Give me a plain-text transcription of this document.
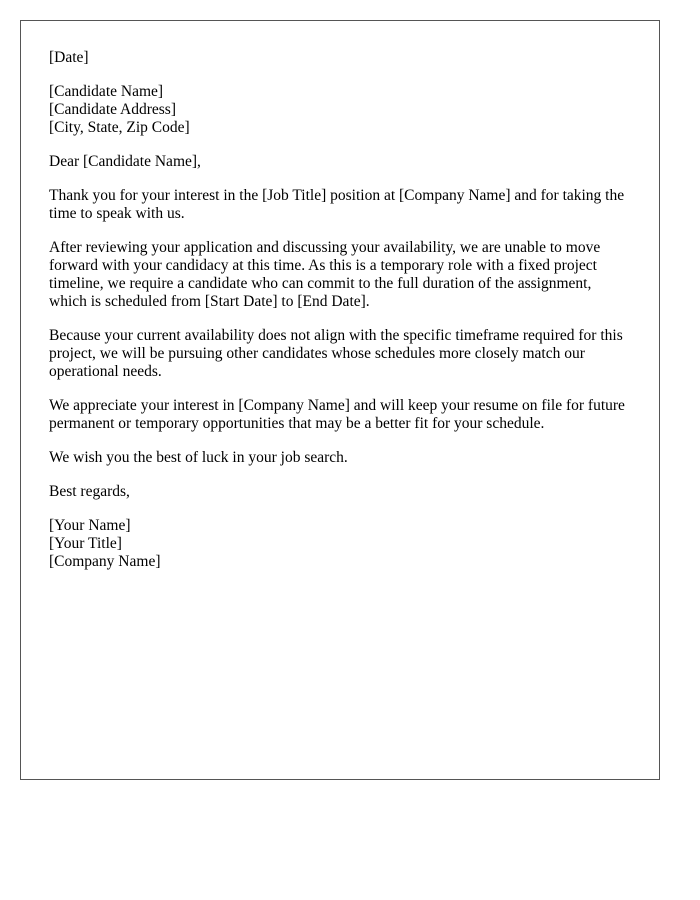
[Date]
[Candidate Name]
[Candidate Address]
[City, State, Zip Code]
Dear [Candidate Name],

Thank you for your interest in the [Job Title] position at [Company Name] and for taking the time to speak with us.

After reviewing your application and discussing your availability, we are unable to move forward with your candidacy at this time. As this is a temporary role with a fixed project timeline, we require a candidate who can commit to the full duration of the assignment, which is scheduled from [Start Date] to [End Date].

Because your current availability does not align with the specific timeframe required for this project, we will be pursuing other candidates whose schedules more closely match our operational needs.

We appreciate your interest in [Company Name] and will keep your resume on file for future permanent or temporary opportunities that may be a better fit for your schedule.

We wish you the best of luck in your job search.

Best regards,
[Your Name]
[Your Title]
[Company Name]
